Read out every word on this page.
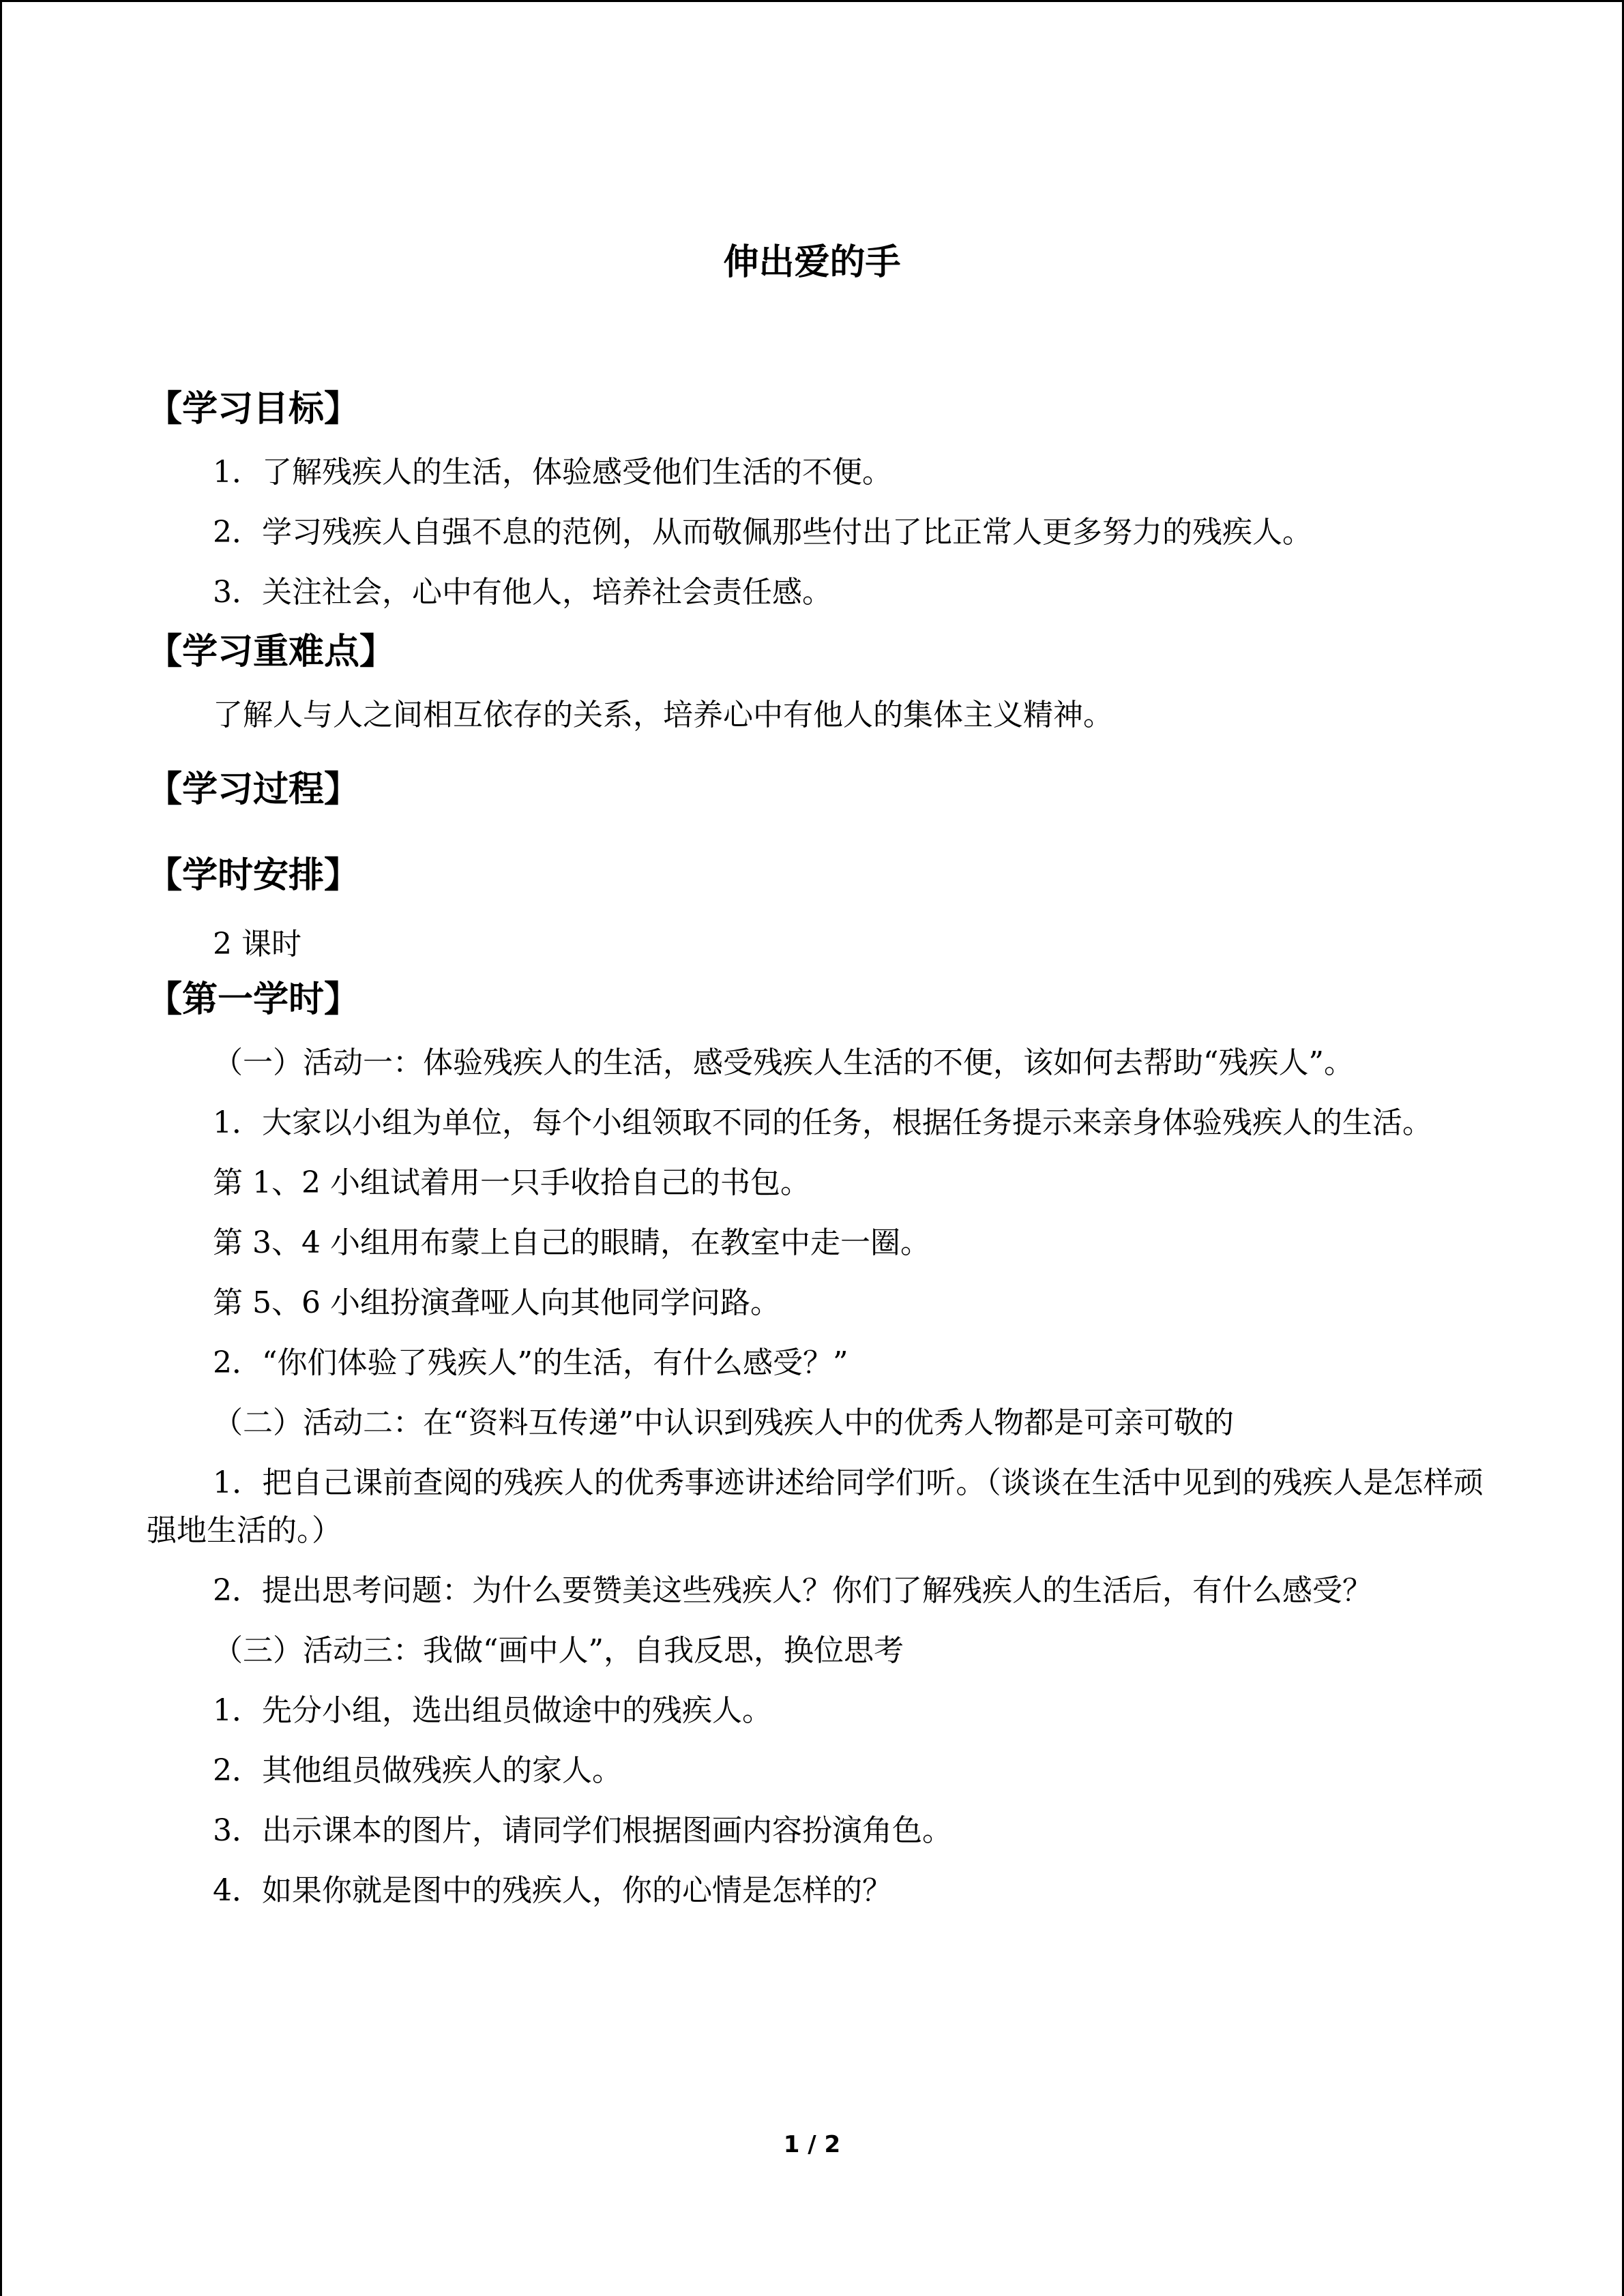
伸出爱的手
【学习目标】

1．了解残疾人的生活，体验感受他们生活的不便。

2．学习残疾人自强不息的范例，从而敬佩那些付出了比正常人更多努力的残疾人。

3．关注社会，心中有他人，培养社会责任感。

【学习重难点】

了解人与人之间相互依存的关系，培养心中有他人的集体主义精神。

【学习过程】
【学时安排】

2 课时

【第一学时】

（一）活动一：体验残疾人的生活，感受残疾人生活的不便，该如何去帮助“残疾人”。

1．大家以小组为单位，每个小组领取不同的任务，根据任务提示来亲身体验残疾人的生活。

第 1、2 小组试着用一只手收拾自己的书包。

第 3、4 小组用布蒙上自己的眼睛，在教室中走一圈。

第 5、6 小组扮演聋哑人向其他同学问路。

2．“你们体验了残疾人”的生活，有什么感受？”

（二）活动二：在“资料互传递”中认识到残疾人中的优秀人物都是可亲可敬的

1．把自己课前查阅的残疾人的优秀事迹讲述给同学们听。（谈谈在生活中见到的残疾人是怎样顽强地生活的。）

2．提出思考问题：为什么要赞美这些残疾人？你们了解残疾人的生活后，有什么感受？

（三）活动三：我做“画中人”，自我反思，换位思考

1．先分小组，选出组员做途中的残疾人。

2．其他组员做残疾人的家人。

3．出示课本的图片，请同学们根据图画内容扮演角色。

4．如果你就是图中的残疾人，你的心情是怎样的？

1 / 2
